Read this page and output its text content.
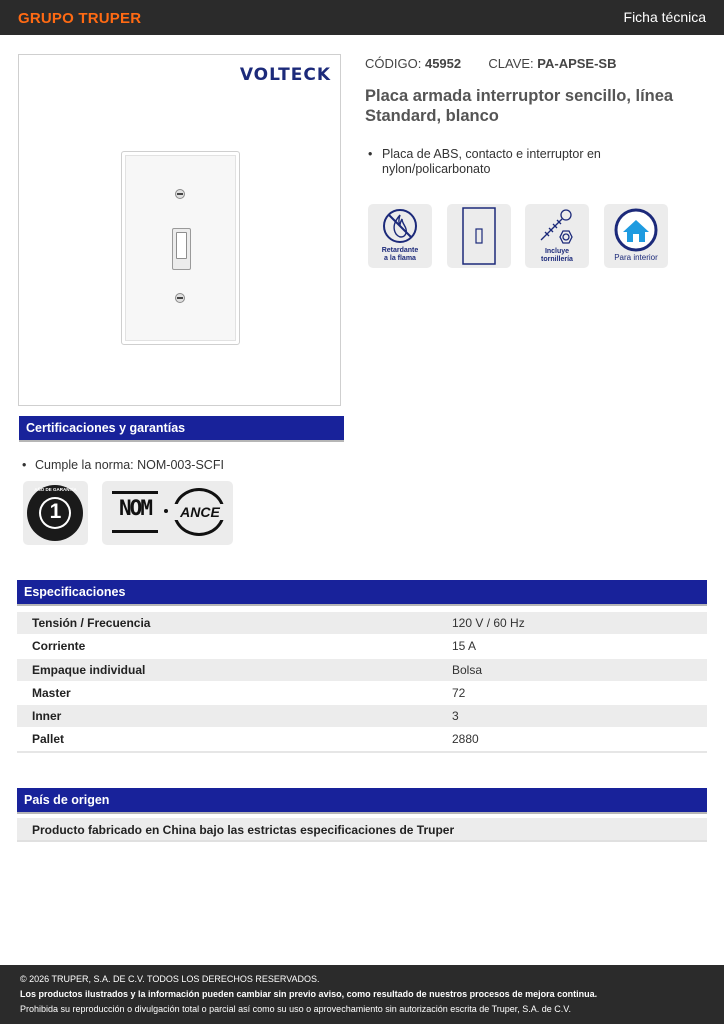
GRUPO TRUPER	Ficha técnica
VOLTECK
CÓDIGO: 45952 CLAVE: PA-APSE-SB
Placa armada interruptor sencillo, línea Standard, blanco
• Placa de ABS, contacto e interruptor en nylon/policarbonato
Retardante
a la flama
Incluye
tornillería	Para interior
Certificaciones y garantías
• Cumple la norma: NOM-003-SCFI
1
AÑO DE GARANTÍA
NOM	ANCE
Especificaciones
Tensión / Frecuencia	120 V / 60 Hz
Corriente	15 A
Empaque individual	Bolsa
Master	72
Inner	3
Pallet	2880
País de origen
Producto fabricado en China bajo las estrictas especificaciones de Truper
© 2026 TRUPER, S.A. DE C.V. TODOS LOS DERECHOS RESERVADOS.
Los productos ilustrados y la información pueden cambiar sin previo aviso, como resultado de nuestros procesos de mejora continua.
Prohibida su reproducción o divulgación total o parcial así como su uso o aprovechamiento sin autorización escrita de Truper, S.A. de C.V.
